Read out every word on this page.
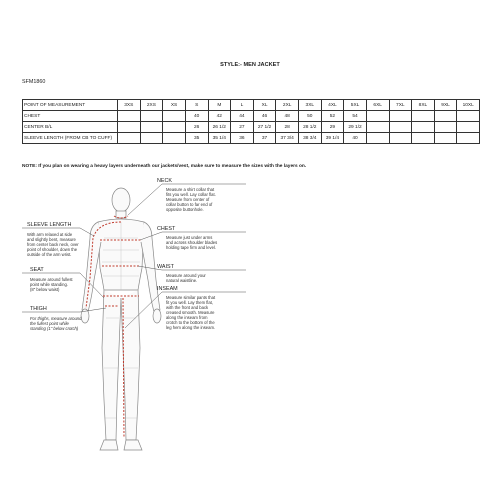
STYLE:- MEN JACKET
SFM1860
POINT OF MEASUREMENT	3XS	2XS	XS	S	M	L	XL	2XL	3XL	4XL	5XL	6XL	7XL	8XL	9XL	10XL
CHEST				40	42	44	46	48	50	52	54					
CENTER B/L				26	26 1/2	27	27 1/2	28	28 1/2	29	29 1/2					
SLEEVE LENGTH (FROM CB TO CUFF)				35	35 1/4	36	37	37 3/4	38 3/4	39 1/4	40					
NOTE: If you plan on wearing a heavy layers underneath our jackets/vest, make sure to measure the sizes with the layers on.
NECK
Measure a shirt collar that
fits you well. Lay collar flat.
Measure from center of
collar button to far end of
opposite buttonhole.
CHEST
Measure just under arms
and across shoulder blades
holding tape firm and level.
WAIST
Measure around your
natural waistline.
INSEAM
Measure similar pants that
fit you well. Lay them flat,
with the front and back
creased smooth. Measure
along the inseam from
crotch to the bottom of the
leg hem along the inseam.
SLEEVE LENGTH
With arm relaxed at side
and slightly bent, measure
from center back neck, over
point of shoulder, down the
outside of the arm wrist.
SEAT
Measure around fullest
point while standing.
(8" below waist)
THIGH
For thighs, measure around
the fullest point while
standing (1" below crotch)
